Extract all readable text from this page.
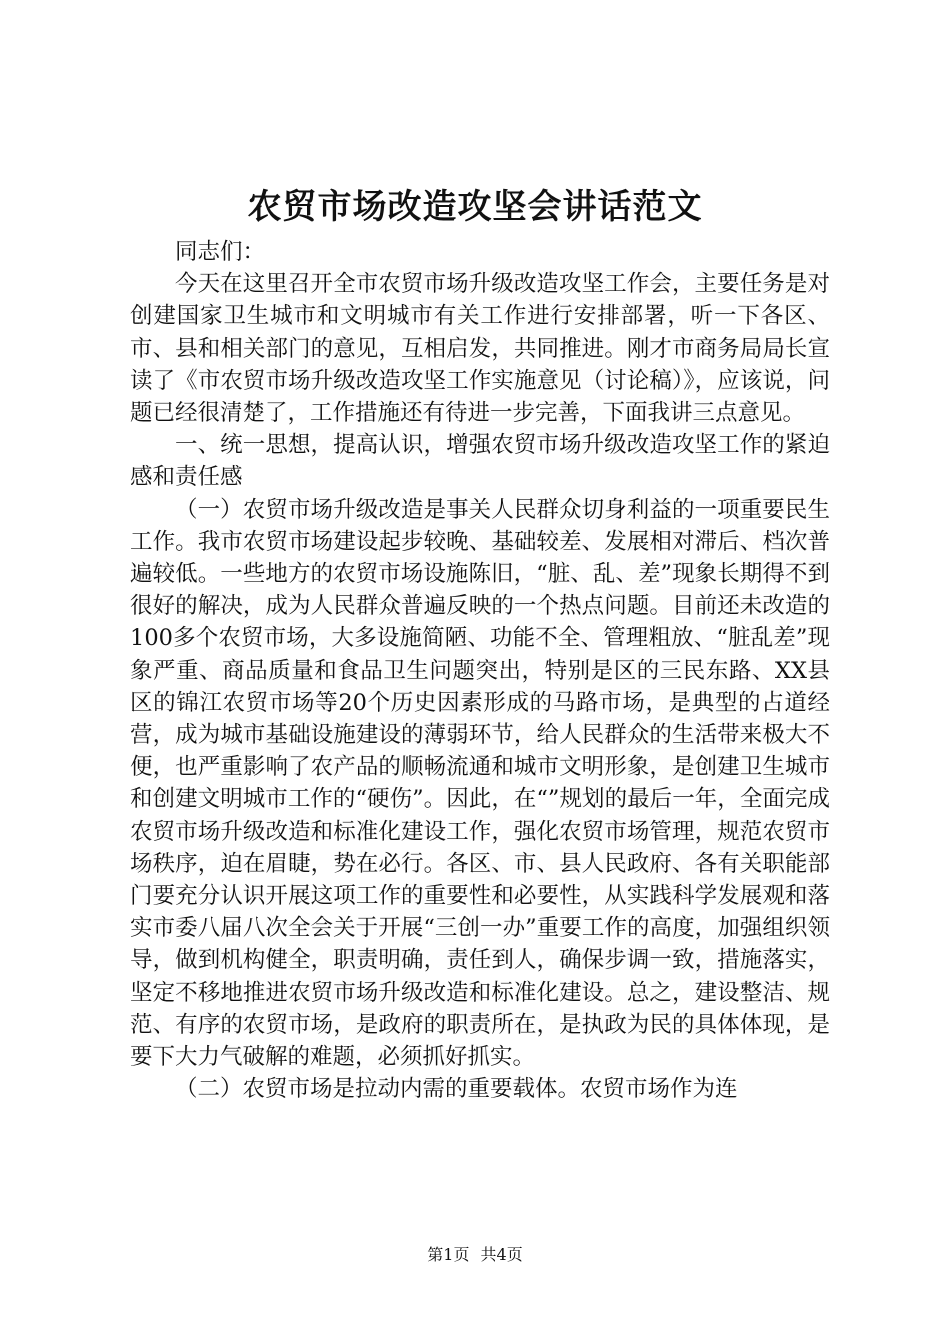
农贸市场改造攻坚会讲话范文

同志们：

今天在这里召开全市农贸市场升级改造攻坚工作会，主要任务是对创建国家卫生城市和文明城市有关工作进行安排部署，听一下各区、市、县和相关部门的意见，互相启发，共同推进。刚才市商务局局长宣读了《市农贸市场升级改造攻坚工作实施意见（讨论稿）》，应该说，问题已经很清楚了，工作措施还有待进一步完善，下面我讲三点意见。

一、统一思想，提高认识，增强农贸市场升级改造攻坚工作的紧迫感和责任感

（一）农贸市场升级改造是事关人民群众切身利益的一项重要民生工作。我市农贸市场建设起步较晚、基础较差、发展相对滞后、档次普遍较低。一些地方的农贸市场设施陈旧，“脏、乱、差”现象长期得不到很好的解决，成为人民群众普遍反映的一个热点问题。目前还未改造的100多个农贸市场，大多设施简陋、功能不全、管理粗放、“脏乱差”现象严重、商品质量和食品卫生问题突出，特别是区的三民东路、XX县区的锦江农贸市场等20个历史因素形成的马路市场，是典型的占道经营，成为城市基础设施建设的薄弱环节，给人民群众的生活带来极大不便，也严重影响了农产品的顺畅流通和城市文明形象，是创建卫生城市和创建文明城市工作的“硬伤”。因此，在“”规划的最后一年，全面完成农贸市场升级改造和标准化建设工作，强化农贸市场管理，规范农贸市场秩序，迫在眉睫，势在必行。各区、市、县人民政府、各有关职能部门要充分认识开展这项工作的重要性和必要性，从实践科学发展观和落实市委八届八次全会关于开展“三创一办”重要工作的高度，加强组织领导，做到机构健全，职责明确，责任到人，确保步调一致，措施落实，坚定不移地推进农贸市场升级改造和标准化建设。总之，建设整洁、规范、有序的农贸市场，是政府的职责所在，是执政为民的具体体现，是要下大力气破解的难题，必须抓好抓实。

（二）农贸市场是拉动内需的重要载体。农贸市场作为连

第1页 共4页
